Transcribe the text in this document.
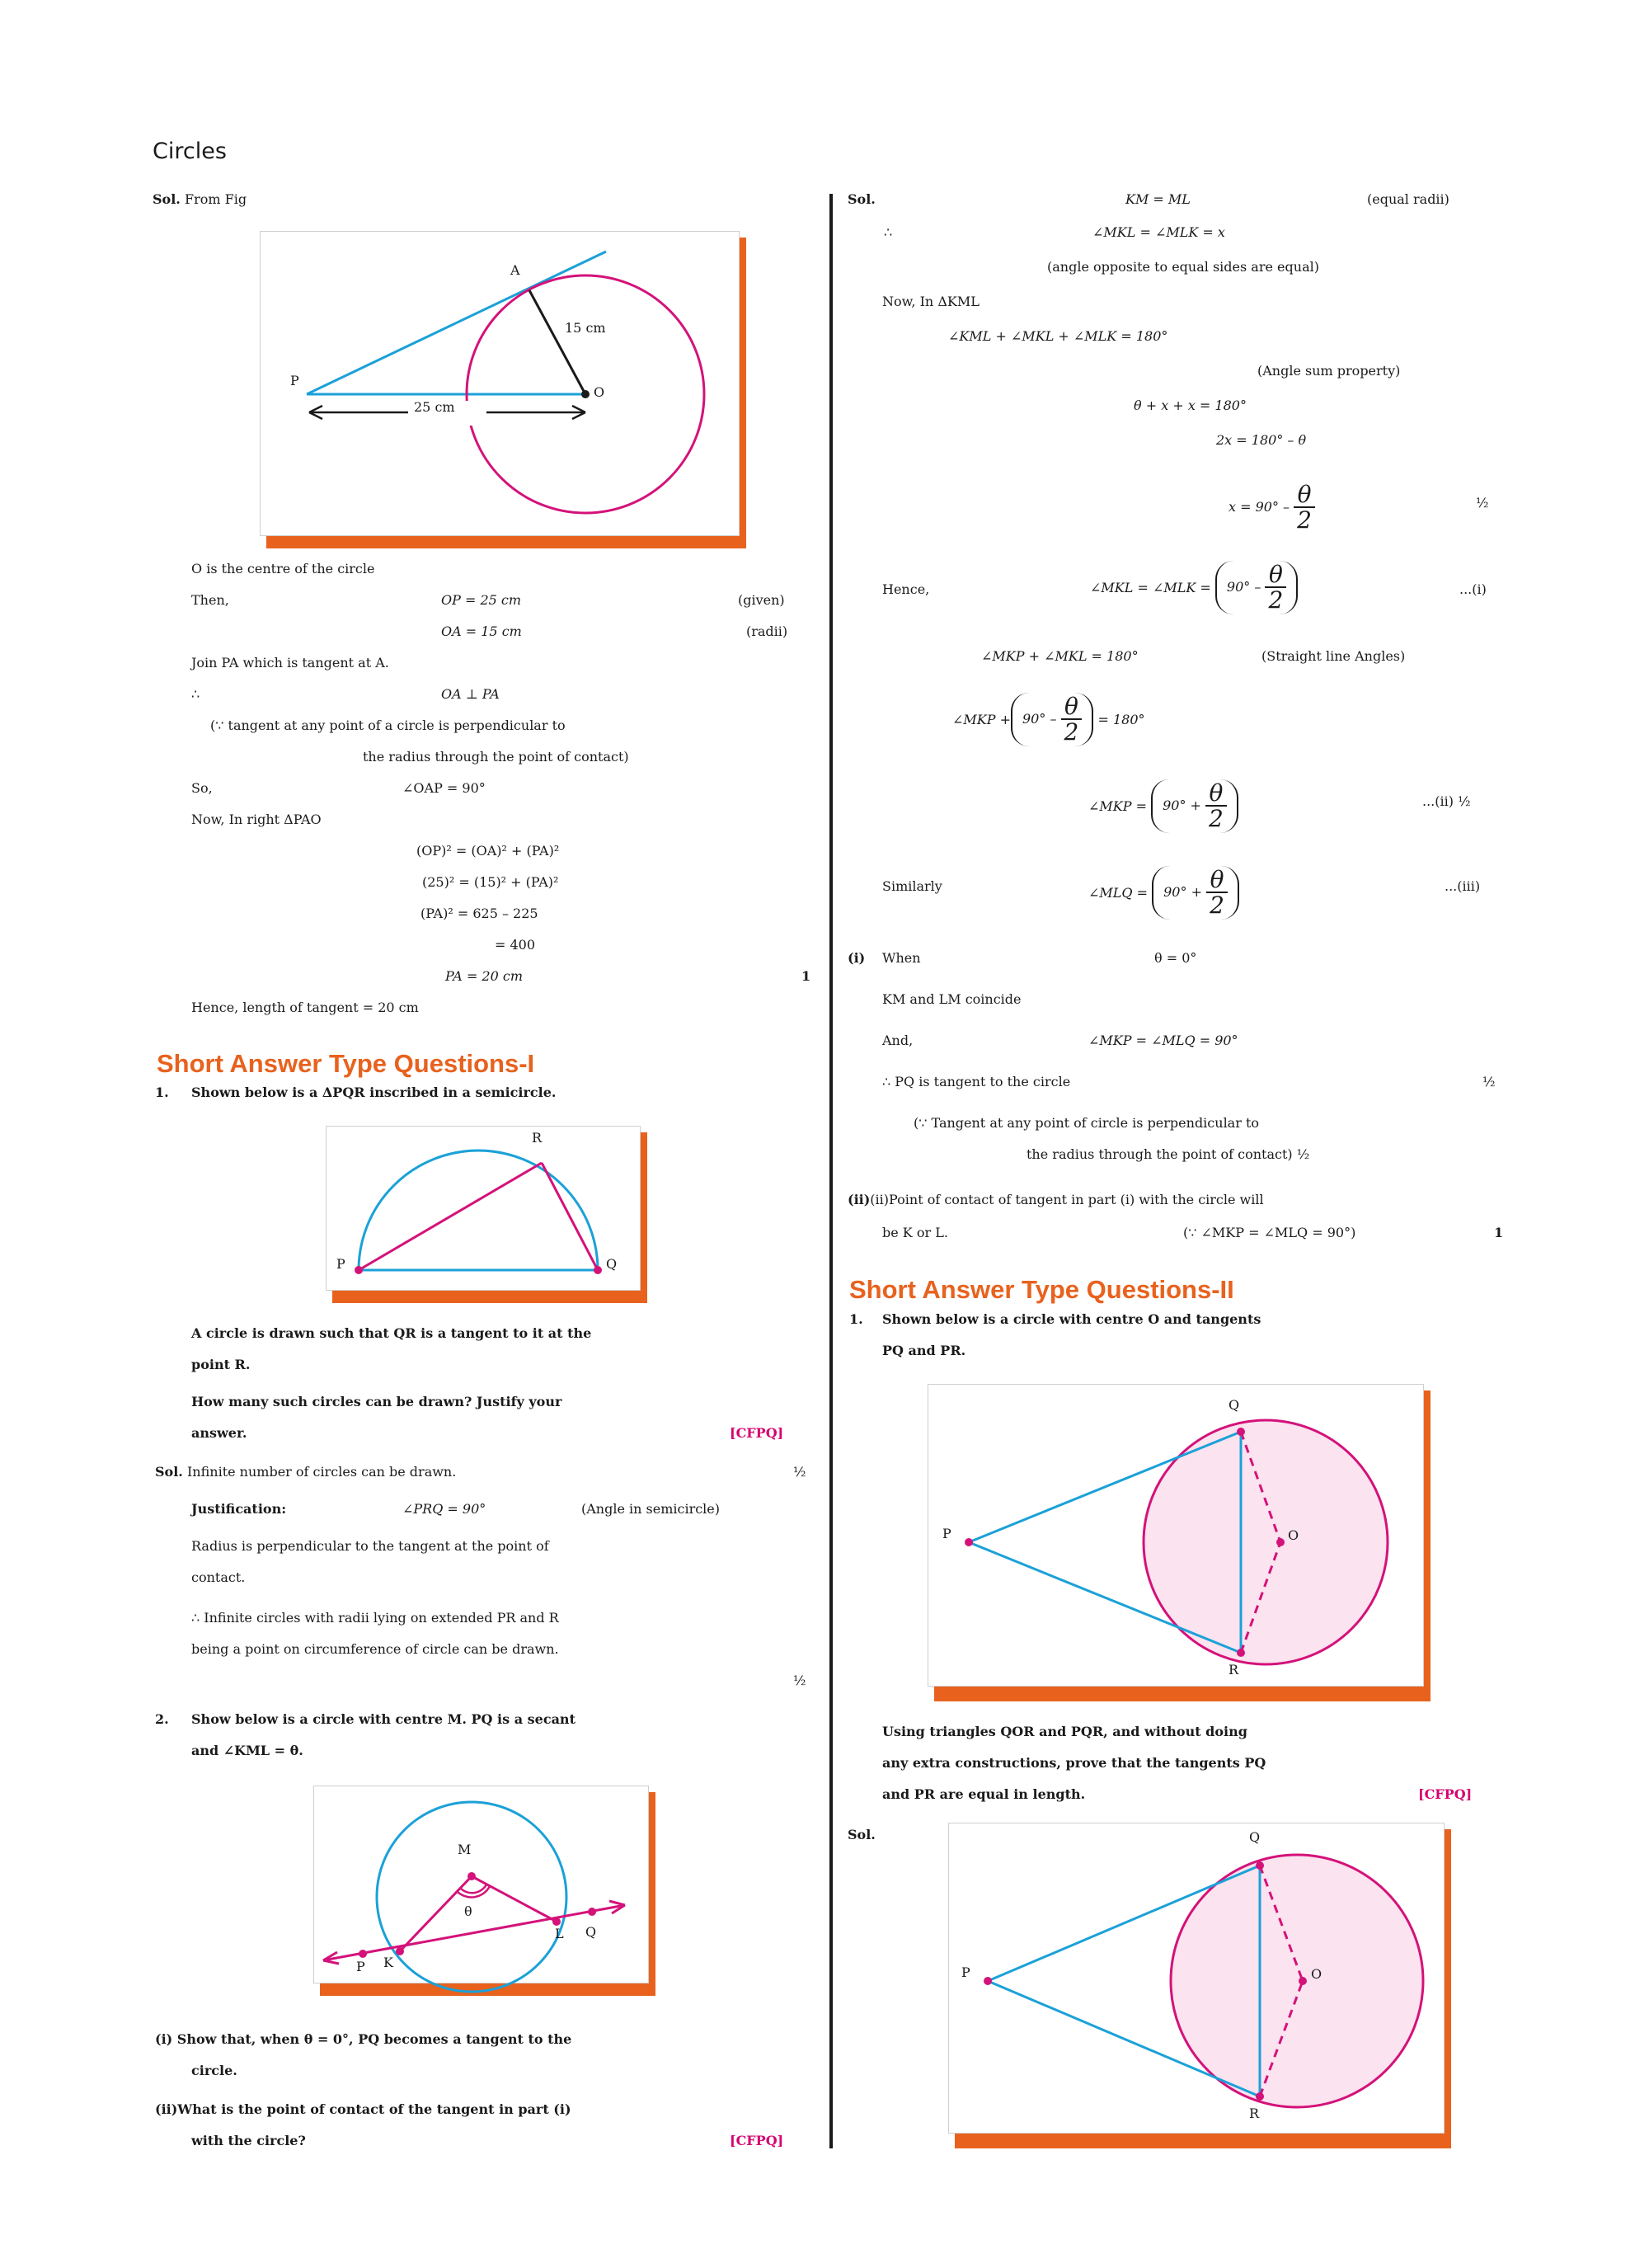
Circles
Sol. From Fig
A
P
O
15 cm
25 cm
O is the centre of the circle
Then,	OP = 25 cm	(given)
OA = 15 cm	(radii)
Join PA which is tangent at A.
∴	OA ⊥ PA
(∵ tangent at any point of a circle is perpendicular to
the radius through the point of contact)
So,	∠OAP = 90°
Now, In right ΔPAO
(OP)² = (OA)² + (PA)²
(25)² = (15)² + (PA)²
(PA)² = 625 – 225
= 400
PA = 20 cm	1
Hence, length of tangent = 20 cm
Short Answer Type Questions-I
1. Shown below is a ΔPQR inscribed in a semicircle.
P	Q
R
A circle is drawn such that QR is a tangent to it at the
point R.
How many such circles can be drawn? Justify your
answer.	[CFPQ]
Sol. Infinite number of circles can be drawn.	½
Justification:	∠PRQ = 90°	(Angle in semicircle)
Radius is perpendicular to the tangent at the point of
contact.
∴ Infinite circles with radii lying on extended PR and R
being a point on circumference of circle can be drawn.
½
2. Show below is a circle with centre M. PQ is a secant
and ∠KML = θ.
M
θ
L Q
P K
(i) Show that, when θ = 0°, PQ becomes a tangent to the
circle.
(ii)What is the point of contact of the tangent in part (i)
with the circle?	[CFPQ]
Sol.	KM = ML	(equal radii)
∴	∠MKL = ∠MLK = x
(angle opposite to equal sides are equal)
Now, In ΔKML
∠KML + ∠MKL + ∠MLK = 180°
(Angle sum property)
θ + x + x = 180°
2x = 180° – θ
$x = 90^\circ - \frac{\theta}{2}$	½
Hence,	∠MKL = ∠MLK = $90^\circ - \frac{\theta}{2}$	...(i)
∠MKP + ∠MKL = 180°	(Straight line Angles)
∠MKP + $90^\circ - \frac{\theta}{2} = 180^\circ$
∠MKP = $90^\circ + \frac{\theta}{2}$	...(ii) ½
Similarly	∠MLQ = $90^\circ + \frac{\theta}{2}$	...(iii)
(i) When	θ = 0°
KM and LM coincide
And,	∠MKP = ∠MLQ = 90°
∴ PQ is tangent to the circle	½
(∵ Tangent at any point of circle is perpendicular to
the radius through the point of contact) ½
(ii)(ii)Point of contact of tangent in part (i) with the circle will
be K or L.	(∵ ∠MKP = ∠MLQ = 90°)	1
Short Answer Type Questions-II
1. Shown below is a circle with centre O and tangents
PQ and PR.
P
Q
R
O
Using triangles QOR and PQR, and without doing
any extra constructions, prove that the tangents PQ
and PR are equal in length.	[CFPQ]
Sol.
P
Q
R
O
